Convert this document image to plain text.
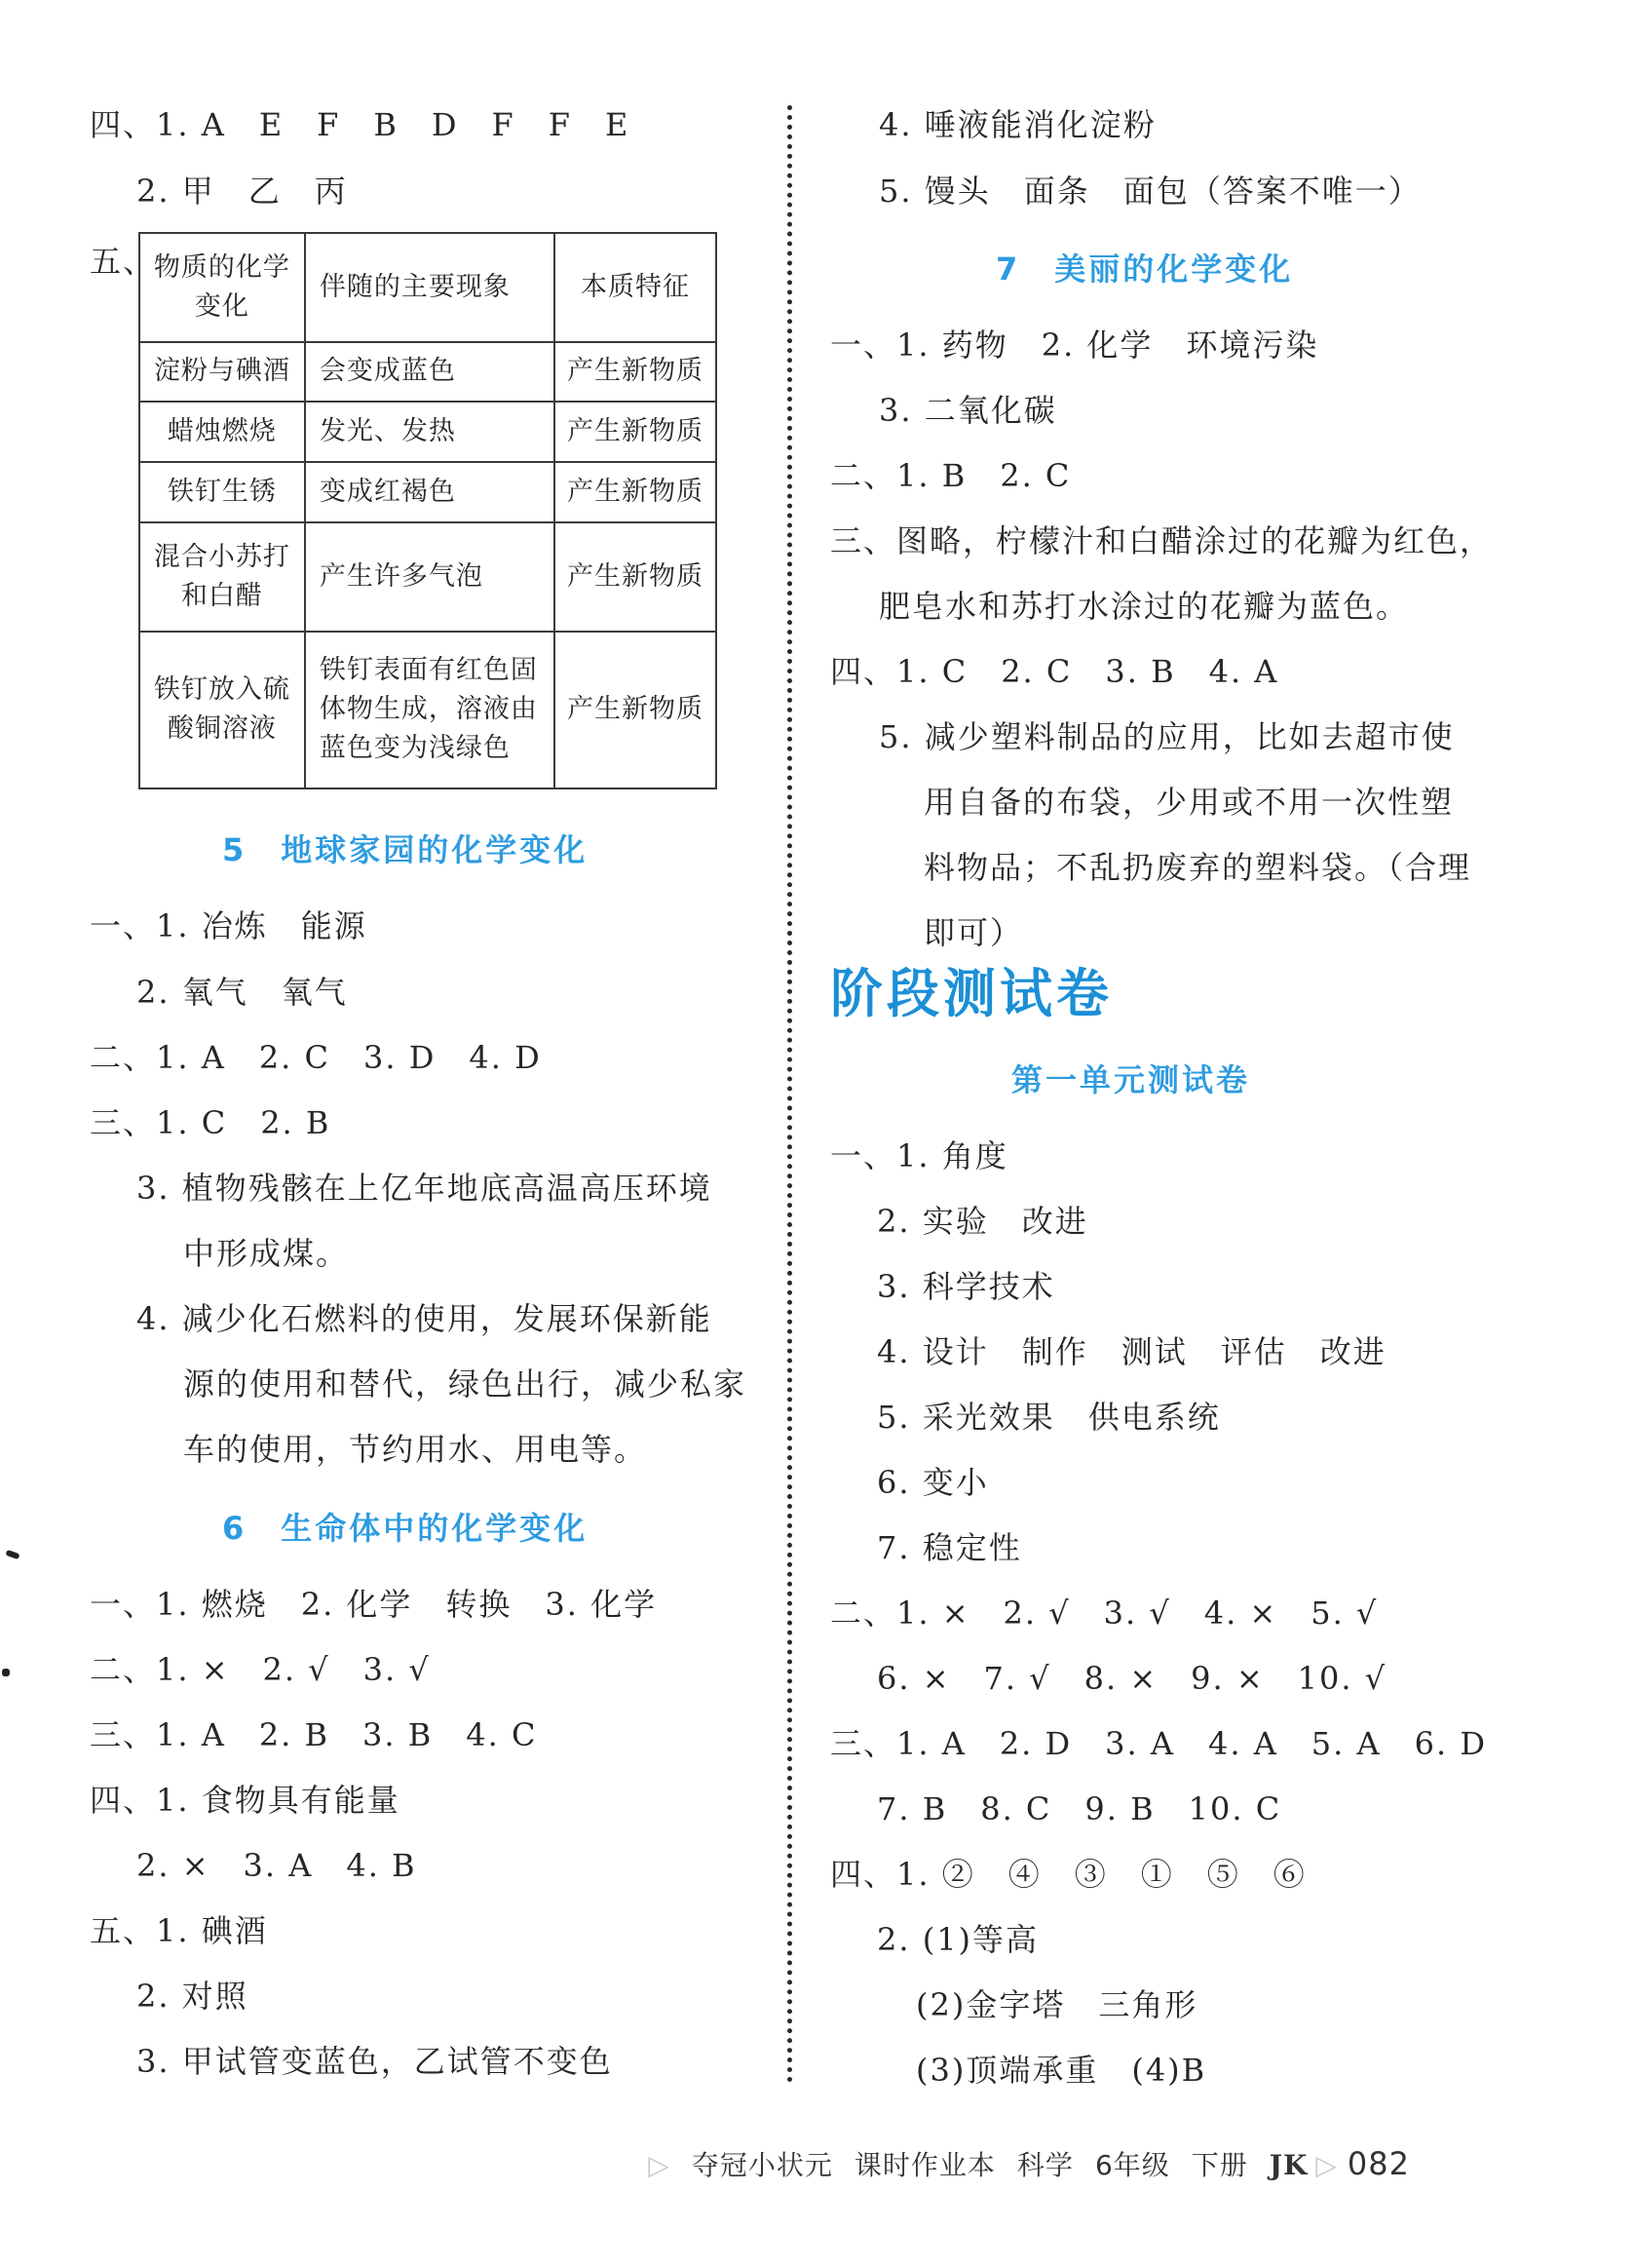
四、1. A　E　F　B　D　F　F　E
2. 甲　乙　丙
五、
物质的化学变化	伴随的主要现象	本质特征
淀粉与碘酒	会变成蓝色	产生新物质
蜡烛燃烧	发光、发热	产生新物质
铁钉生锈	变成红褐色	产生新物质
混合小苏打和白醋	产生许多气泡	产生新物质
铁钉放入硫酸铜溶液	铁钉表面有红色固体物生成，溶液由蓝色变为浅绿色	产生新物质
5　地球家园的化学变化
一、1. 冶炼　能源
2. 氧气　氧气
二、1. A　2. C　3. D　4. D
三、1. C　2. B
3. 植物残骸在上亿年地底高温高压环境
中形成煤。
4. 减少化石燃料的使用，发展环保新能
源的使用和替代，绿色出行，减少私家
车的使用，节约用水、用电等。
6　生命体中的化学变化
一、1. 燃烧　2. 化学　转换　3. 化学
二、1. ×　2. √　3. √
三、1. A　2. B　3. B　4. C
四、1. 食物具有能量
2. ×　3. A　4. B
五、1. 碘酒
2. 对照
3. 甲试管变蓝色，乙试管不变色
4. 唾液能消化淀粉
5. 馒头　面条　面包（答案不唯一）
7　美丽的化学变化
一、1. 药物　2. 化学　环境污染
3. 二氧化碳
二、1. B　2. C
三、图略，柠檬汁和白醋涂过的花瓣为红色，
肥皂水和苏打水涂过的花瓣为蓝色。
四、1. C　2. C　3. B　4. A
5. 减少塑料制品的应用，比如去超市使
用自备的布袋，少用或不用一次性塑
料物品；不乱扔废弃的塑料袋。（合理
即可）
阶段测试卷
第一单元测试卷
一、1. 角度
2. 实验　改进
3. 科学技术
4. 设计　制作　测试　评估　改进
5. 采光效果　供电系统
6. 变小
7. 稳定性
二、1. ×　2. √　3. √　4. ×　5. √
6. ×　7. √　8. ×　9. ×　10. √
三、1. A　2. D　3. A　4. A　5. A　6. D
7. B　8. C　9. B　10. C
四、1. ②　④　③　①　⑤　⑥
2. (1)等高
(2)金字塔　三角形
(3)顶端承重　(4)B
▷ 夺冠小状元 课时作业本 科学 6年级 下册 JK ▷ 082
